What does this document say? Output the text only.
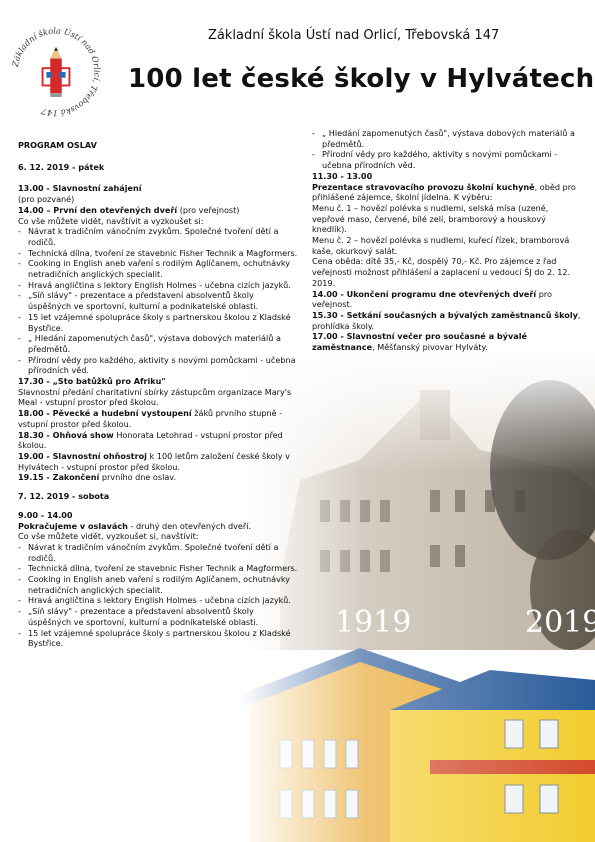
Základní škola Ústí nad Orlicí, Třebovská 147
Základní škola Ústí nad Orlicí, Třebovská 147
100 let české školy v Hylvátech

PROGRAM OSLAV

6. 12. 2019 - pátek

13.00 - Slavnostní zahájení

(pro pozvané)

14.00 – První den otevřených dveří (pro veřejnost)

Co vše můžete vidět, navštívit a vyzkoušet si:

- Návrat k tradičním vánočním zvykům. Společné tvoření dětí a rodičů.
- Technická dílna, tvoření ze stavebnic Fisher Technik a Magformers.
- Cooking in English aneb vaření s rodilým Aglíčanem, ochutnávky netradičních anglických specialit.
- Hravá angličtina s lektory English Holmes - učebna cizích jazyků.
- „Síň slávy" - prezentace a představení absolventů školy úspěšných ve sportovní, kulturní a podnikatelské oblasti.
- 15 let vzájemné spolupráce školy s partnerskou školou z Kladské Bystřice.
- „ Hledání zapomenutých časů", výstava dobových materiálů a předmětů.
- Přírodní vědy pro každého, aktivity s novými pomůckami - učebna přírodních věd.

17.30 - „Sto batůžků pro Afriku"

Slavnostní předání charitativní sbírky zástupcům organizace Mary's Meal - vstupní prostor před školou.

18.00 - Pěvecké a hudební vystoupení žáků prvního stupně - vstupní prostor před školou.

18.30 - Ohňová show Honorata Letohrad - vstupní prostor před školou.

19.00 - Slavnostní ohňostroj k 100 letům založení české školy v Hylvátech - vstupní prostor před školou.

19.15 - Zakončení prvního dne oslav.

7. 12. 2019 - sobota

9.00 - 14.00

Pokračujeme v oslavách - druhý den otevřených dveří.

Co vše můžete vidět, vyzkoušet si, navštívit:

- Návrat k tradičním vánočním zvykům. Společné tvoření dětí a rodičů.
- Technická dílna, tvoření ze stavebnic Fisher Technik a Magformers.
- Cooking in English aneb vaření s rodilým Aglíčanem, ochutnávky netradičních anglických specialit.
- Hravá angličtina s lektory English Holmes - učebna cizích jazyků.
- „Síň slávy" - prezentace a představení absolventů školy úspěšných ve sportovní, kulturní a podnikatelské oblasti.
- 15 let vzájemné spolupráce školy s partnerskou školou z Kladské Bystřice.
- „ Hledání zapomenutých časů", výstava dobových materiálů a předmětů.
- Přírodní vědy pro každého, aktivity s novými pomůckami - učebna přírodních věd.

11.30 - 13.00

Prezentace stravovacího provozu školní kuchyně, oběd pro přihlášené zájemce, školní jídelna. K výběru:

Menu č. 1 – hovězí polévka s nudlemi, selská mísa (uzené, vepřové maso, červené, bílé zelí, bramborový a houskový knedlík).

Menu č. 2 – hovězí polévka s nudlemi, kuřecí řízek, bramborová kaše, okurkový salát.

Cena oběda: dítě 35,- Kč, dospělý 70,- Kč. Pro zájemce z řad veřejnosti možnost přihlášení a zaplacení u vedoucí ŠJ do 2. 12. 2019.

14.00 - Ukončení programu dne otevřených dveří pro veřejnost.

15.30 - Setkání současných a bývalých zaměstnanců školy, prohlídka školy.

17.00 - Slavnostní večer pro současné a bývalé zaměstnance, Měšťanský pivovar Hylváty.
